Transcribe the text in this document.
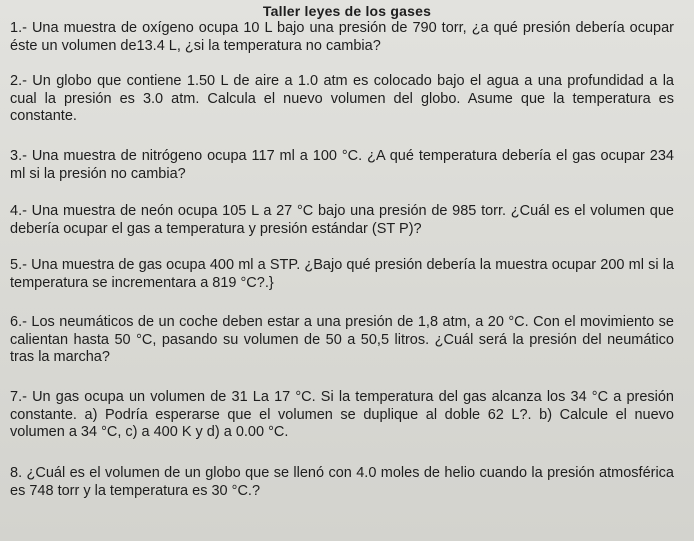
Taller leyes de los gases
1.- Una muestra de oxígeno ocupa 10 L bajo una presión de 790 torr, ¿a qué presión debería ocupar éste un volumen de13.4 L, ¿si la temperatura no cambia?
2.- Un globo que contiene 1.50 L de aire a 1.0 atm es colocado bajo el agua a una profundidad a la cual la presión es 3.0 atm. Calcula el nuevo volumen del globo. Asume que la temperatura es constante.
3.- Una muestra de nitrógeno ocupa 117 ml a 100 °C. ¿A qué temperatura debería el gas ocupar 234 ml si la presión no cambia?
4.- Una muestra de neón ocupa 105 L a 27 °C bajo una presión de 985 torr. ¿Cuál es el volumen que debería ocupar el gas a temperatura y presión estándar (ST P)?
5.- Una muestra de gas ocupa 400 ml a STP. ¿Bajo qué presión debería la muestra ocupar 200 ml si la temperatura se incrementara a 819 °C?.}
6.- Los neumáticos de un coche deben estar a una presión de 1,8 atm, a 20 °C. Con el movimiento se calientan hasta 50 °C, pasando su volumen de 50 a 50,5 litros. ¿Cuál será la presión del neumático tras la marcha?
7.- Un gas ocupa un volumen de 31 La 17 °C. Si la temperatura del gas alcanza los 34 °C a presión constante. a) Podría esperarse que el volumen se duplique al doble 62 L?. b) Calcule el nuevo volumen a 34 °C, c) a 400 K y d) a 0.00 °C.
8. ¿Cuál es el volumen de un globo que se llenó con 4.0 moles de helio cuando la presión atmosférica es 748 torr y la temperatura es 30 °C.?
